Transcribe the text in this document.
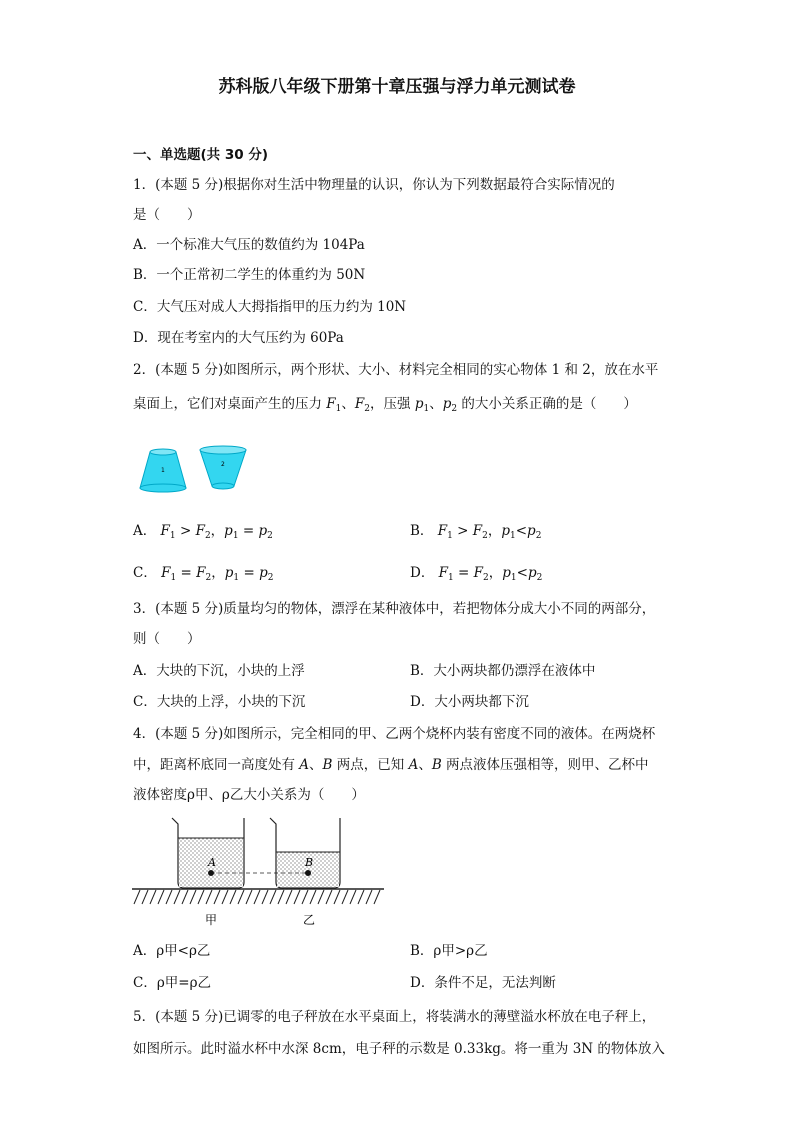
苏科版八年级下册第十章压强与浮力单元测试卷
一、单选题(共 30 分)
1．(本题 5 分)根据你对生活中物理量的认识，你认为下列数据最符合实际情况的
是（　　）
A．一个标准大气压的数值约为 104Pa
B．一个正常初二学生的体重约为 50N
C．大气压对成人大拇指指甲的压力约为 10N
D．现在考室内的大气压约为 60Pa
2．(本题 5 分)如图所示，两个形状、大小、材料完全相同的实心物体 1 和 2，放在水平
桌面上，它们对桌面产生的压力 $F_1$、$F_2$，压强 $p_1$、$p_2$ 的大小关系正确的是（　　）
1
2
A． $F_1 > F_2$，$p_1 = p_2$	B． $F_1 > F_2$，$p_1<p_2$
C． $F_1 = F_2$，$p_1 = p_2$	D． $F_1 = F_2$，$p_1<p_2$
3．(本题 5 分)质量均匀的物体，漂浮在某种液体中，若把物体分成大小不同的两部分，
则（　　）
A．大块的下沉，小块的上浮	B．大小两块都仍漂浮在液体中
C．大块的上浮，小块的下沉	D．大小两块都下沉
4．(本题 5 分)如图所示，完全相同的甲、乙两个烧杯内装有密度不同的液体。在两烧杯
中，距离杯底同一高度处有 A、B 两点，已知 A、B 两点液体压强相等，则甲、乙杯中
液体密度ρ甲、ρ乙大小关系为（　　）
A	B
甲	乙
A．ρ甲<ρ乙	B．ρ甲>ρ乙
C．ρ甲=ρ乙	D．条件不足，无法判断
5．(本题 5 分)已调零的电子秤放在水平桌面上，将装满水的薄壁溢水杯放在电子秤上，
如图所示。此时溢水杯中水深 8cm，电子秤的示数是 0.33kg。将一重为 3N 的物体放入
